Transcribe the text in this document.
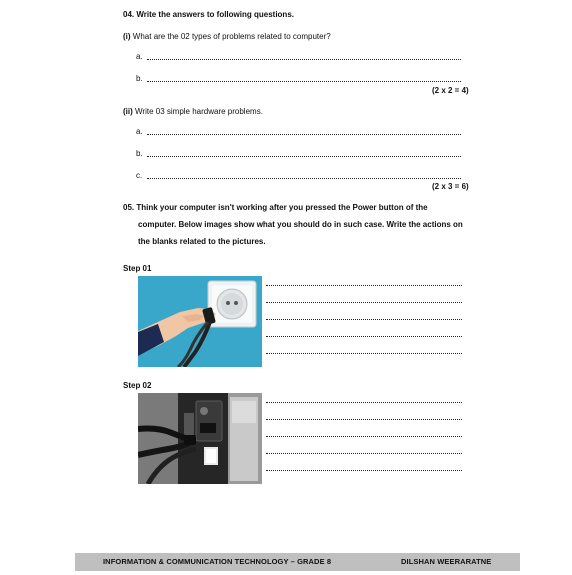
04. Write the answers to following questions.
(i) What are the 02 types of problems related to computer?
a.
b.
(2 x 2 = 4)
(ii) Write 03 simple hardware problems.
a.
b.
c.
(2 x 3 = 6)
05. Think your computer isn't working after you pressed the Power button of the
computer. Below images show what you should do in such case. Write the actions on
the blanks related to the pictures.
Step 01
Step 02
INFORMATION & COMMUNICATION TECHNOLOGY – GRADE 8	DILSHAN WEERARATNE
